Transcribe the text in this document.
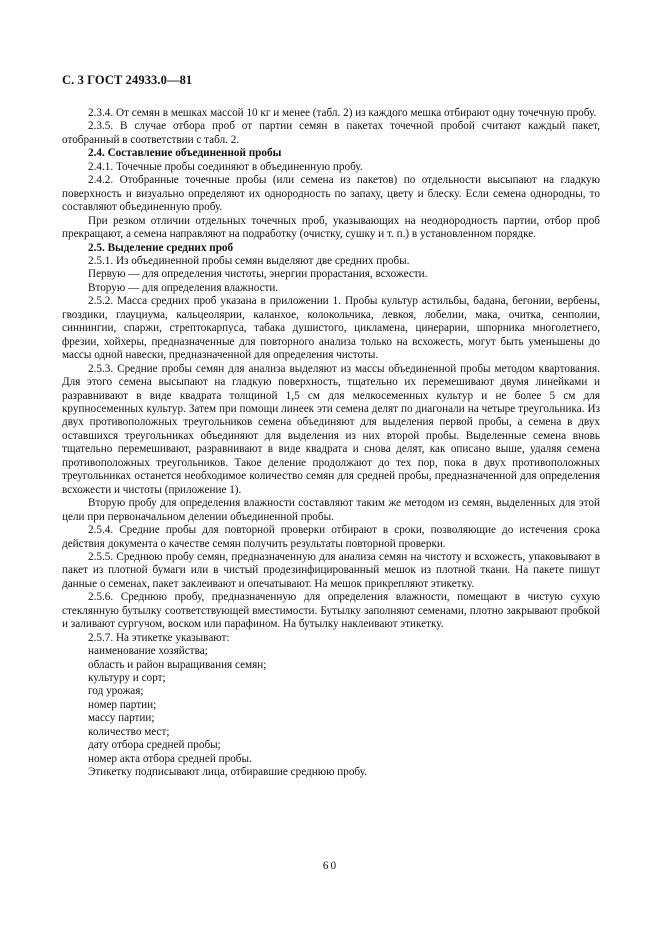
С. 3 ГОСТ 24933.0—81

2.3.4. От семян в мешках массой 10 кг и менее (табл. 2) из каждого мешка отбирают одну точечную пробу.

2.3.5. В случае отбора проб от партии семян в пакетах точечной пробой считают каждый пакет, отобранный в соответствии с табл. 2.

2.4. Составление объединенной пробы

2.4.1. Точечные пробы соединяют в объединенную пробу.

2.4.2. Отобранные точечные пробы (или семена из пакетов) по отдельности высыпают на гладкую поверхность и визуально определяют их однородность по запаху, цвету и блеску. Если семена однородны, то составляют объединенную пробу.

При резком отличии отдельных точечных проб, указывающих на неоднородность партии, отбор проб прекращают, а семена направляют на подработку (очистку, сушку и т. п.) в установленном порядке.

2.5. Выделение средних проб

2.5.1. Из объединенной пробы семян выделяют две средних пробы.

Первую — для определения чистоты, энергии прорастания, всхожести.

Вторую — для определения влажности.

2.5.2. Масса средних проб указана в приложении 1. Пробы культур астильбы, бадана, бегонии, вербены, гвоздики, глауциума, кальцеолярии, каланхое, колокольчика, левкоя, лобелии, мака, очитка, сенполии, синнингии, спаржи, стрептокарпуса, табака душистого, цикламена, цинерарии, шпорника многолетнего, фрезии, хойхеры, предназначенные для повторного анализа только на всхожесть, могут быть уменьшены до массы одной навески, предназначенной для определения чистоты.

2.5.3. Средние пробы семян для анализа выделяют из массы объединенной пробы методом квартования. Для этого семена высыпают на гладкую поверхность, тщательно их перемешивают двумя линейками и разравнивают в виде квадрата толщиной 1,5 см для мелкосеменных культур и не более 5 см для крупносеменных культур. Затем при помощи линеек эти семена делят по диагонали на четыре треугольника. Из двух противоположных треугольников семена объединяют для выделения первой пробы, а семена в двух оставшихся треугольниках объединяют для выделения из них второй пробы. Выделенные семена вновь тщательно перемешивают, разравнивают в виде квадрата и снова делят, как описано выше, удаляя семена противоположных треугольников. Такое деление продолжают до тех пор, пока в двух противоположных треугольниках останется необходимое количество семян для средней пробы, предназначенной для определения всхожести и чистоты (приложение 1).

Вторую пробу для определения влажности составляют таким же методом из семян, выделенных для этой цели при первоначальном делении объединенной пробы.

2.5.4. Средние пробы для повторной проверки отбирают в сроки, позволяющие до истечения срока действия документа о качестве семян получить результаты повторной проверки.

2.5.5. Среднюю пробу семян, предназначенную для анализа семян на чистоту и всхожесть, упаковывают в пакет из плотной бумаги или в чистый продезинфицированный мешок из плотной ткани. На пакете пишут данные о семенах, пакет заклеивают и опечатывают. На мешок прикрепляют этикетку.

2.5.6. Среднюю пробу, предназначенную для определения влажности, помещают в чистую сухую стеклянную бутылку соответствующей вместимости. Бутылку заполняют семенами, плотно закрывают пробкой и заливают сургучом, воском или парафином. На бутылку наклеивают этикетку.

2.5.7. На этикетке указывают:

наименование хозяйства;

область и район выращивания семян;

культуру и сорт;

год урожая;

номер партии;

массу партии;

количество мест;

дату отбора средней пробы;

номер акта отбора средней пробы.

Этикетку подписывают лица, отбиравшие среднюю пробу.

60
